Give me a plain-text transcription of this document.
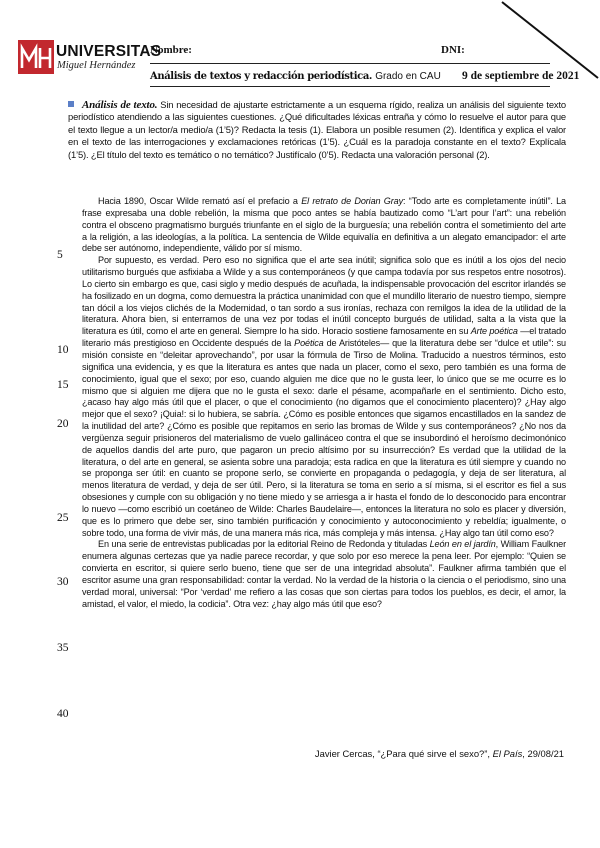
UNIVERSITAS
Miguel Hernández
Nombre:	DNI:
Análisis de textos y redacción periodística. Grado en CAU 9 de septiembre de 2021
Análisis de texto. Sin necesidad de ajustarte estrictamente a un esquema rígido, realiza un análisis del siguiente texto periodístico atendiendo a las siguientes cuestiones. ¿Qué dificultades léxicas entraña y cómo lo resuelve el autor para que el texto llegue a un lector/a medio/a (1’5)? Redacta la tesis (1). Elabora un posible resumen (2). Identifica y explica el valor en el texto de las interrogaciones y exclamaciones retóricas (1’5). ¿Cuál es la paradoja constante en el texto? Explícala (1’5). ¿El título del texto es temático o no temático? Justifícalo (0’5). Redacta una valoración personal (2).
5
10
15
20
25
30
35
40

Hacia 1890, Oscar Wilde remató así el prefacio a El retrato de Dorian Gray: “Todo arte es completamente inútil”. La frase expresaba una doble rebelión, la misma que poco antes se había bautizado como “L’art pour l’art”: una rebelión contra el obsceno pragmatismo burgués triunfante en el siglo de la burguesía; una rebelión contra el sometimiento del arte a la religión, a las ideologías, a la política. La sentencia de Wilde equivalía en definitiva a un alegato emancipador: el arte debe ser autónomo, independiente, válido por sí mismo.

Por supuesto, es verdad. Pero eso no significa que el arte sea inútil; significa solo que es inútil a los ojos del necio utilitarismo burgués que asfixiaba a Wilde y a sus contemporáneos (y que campa todavía por sus respetos entre nosotros). Lo cierto sin embargo es que, casi siglo y medio después de acuñada, la indispensable provocación del escritor irlandés se ha fosilizado en un dogma, como demuestra la práctica unanimidad con que el mundillo literario de nuestro tiempo, siempre tan dócil a los viejos clichés de la Modernidad, o tan sordo a sus ironías, rechaza con remilgos la idea de la utilidad de la literatura. Ahora bien, si enterramos de una vez por todas el inútil concepto burgués de utilidad, salta a la vista que la literatura es útil, como el arte en general. Siempre lo ha sido. Horacio sostiene famosamente en su Arte poética —el tratado literario más prestigioso en Occidente después de la Poética de Aristóteles— que la literatura debe ser “dulce et utile”: su misión consiste en “deleitar aprovechando”, por usar la fórmula de Tirso de Molina. Traducido a nuestros términos, esto significa una evidencia, y es que la literatura es antes que nada un placer, como el sexo, pero también es una forma de conocimiento, igual que el sexo; por eso, cuando alguien me dice que no le gusta leer, lo único que se me ocurre es lo mismo que si alguien me dijera que no le gusta el sexo: darle el pésame, acompañarle en el sentimiento. Dicho esto, ¿acaso hay algo más útil que el placer, o que el conocimiento (no digamos que el conocimiento placentero)? ¿Hay algo mejor que el sexo? ¡Quia!: si lo hubiera, se sabría. ¿Cómo es posible entonces que sigamos encastillados en la sandez de la inutilidad del arte? ¿Cómo es posible que repitamos en serio las bromas de Wilde y sus contemporáneos? ¿No nos da vergüenza seguir prisioneros del materialismo de vuelo gallináceo contra el que se insubordinó el heroísmo decimonónico de aquellos dandis del arte puro, que pagaron un precio altísimo por su insurrección? Es verdad que la utilidad de la literatura, o del arte en general, se asienta sobre una paradoja; esta radica en que la literatura es útil siempre y cuando no se proponga ser útil: en cuanto se propone serlo, se convierte en propaganda o pedagogía, y deja de ser literatura, al menos literatura de verdad, y deja de ser útil. Pero, si la literatura se toma en serio a sí misma, si el escritor es fiel a sus obsesiones y cumple con su obligación y no tiene miedo y se arriesga a ir hasta el fondo de lo desconocido para encontrar lo nuevo —como escribió un coetáneo de Wilde: Charles Baudelaire—, entonces la literatura no solo es placer y diversión, que es lo primero que debe ser, sino también purificación y conocimiento y autoconocimiento y rebeldía; igualmente, o sobre todo, una forma de vivir más, de una manera más rica, más compleja y más intensa. ¿Hay algo tan útil como eso?

En una serie de entrevistas publicadas por la editorial Reino de Redonda y tituladas León en el jardín, William Faulkner enumera algunas certezas que ya nadie parece recordar, y que solo por eso merece la pena leer. Por ejemplo: “Quien se convierta en escritor, si quiere serlo bueno, tiene que ser de una integridad absoluta”. Faulkner afirma también que el escritor asume una gran responsabilidad: contar la verdad. No la verdad de la historia o la ciencia o el periodismo, sino una verdad moral, universal: “Por ‘verdad’ me refiero a las cosas que son ciertas para todos los pueblos, es decir, el amor, la amistad, el valor, el miedo, la codicia”. Otra vez: ¿hay algo más útil que eso?

Javier Cercas, “¿Para qué sirve el sexo?”, El País, 29/08/21
